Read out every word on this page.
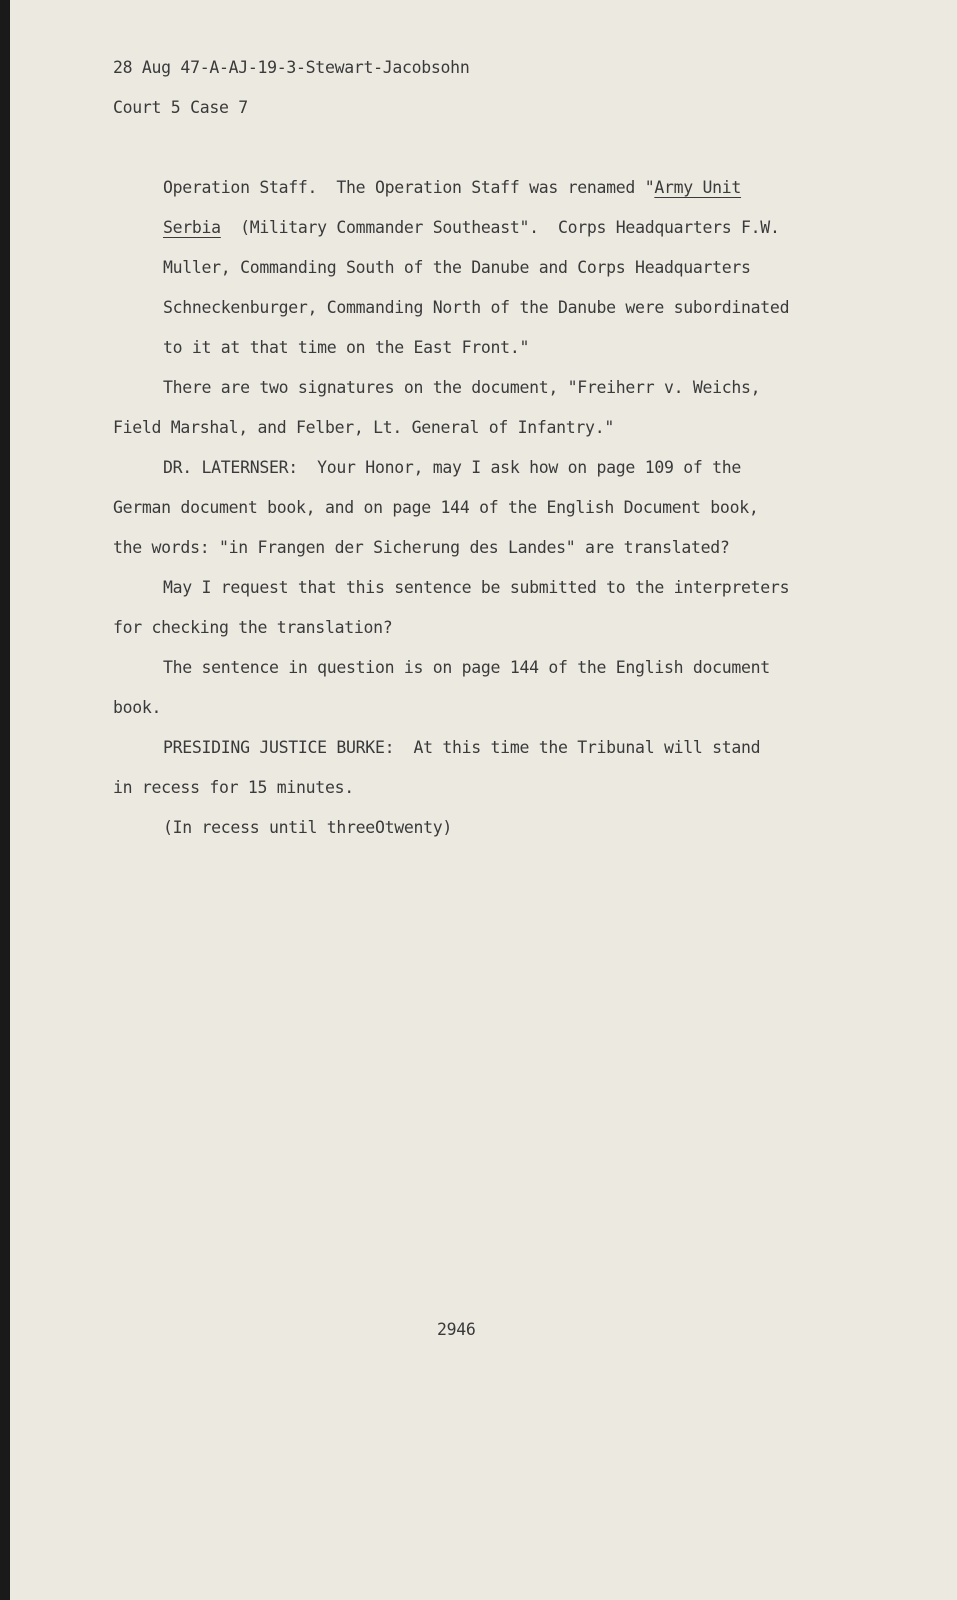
28 Aug 47-A-AJ-19-3-Stewart-Jacobsohn
Court 5 Case 7
Operation Staff.  The Operation Staff was renamed "Army Unit
Serbia  (Military Commander Southeast".  Corps Headquarters F.W.
Muller, Commanding South of the Danube and Corps Headquarters
Schneckenburger, Commanding North of the Danube were subordinated
to it at that time on the East Front."
There are two signatures on the document, "Freiherr v. Weichs,
Field Marshal, and Felber, Lt. General of Infantry."
DR. LATERNSER:  Your Honor, may I ask how on page 109 of the
German document book, and on page 144 of the English Document book,
the words: "in Frangen der Sicherung des Landes" are translated?
May I request that this sentence be submitted to the interpreters
for checking the translation?
The sentence in question is on page 144 of the English document
book.
PRESIDING JUSTICE BURKE:  At this time the Tribunal will stand
in recess for 15 minutes.
(In recess until threeOtwenty)
2946
